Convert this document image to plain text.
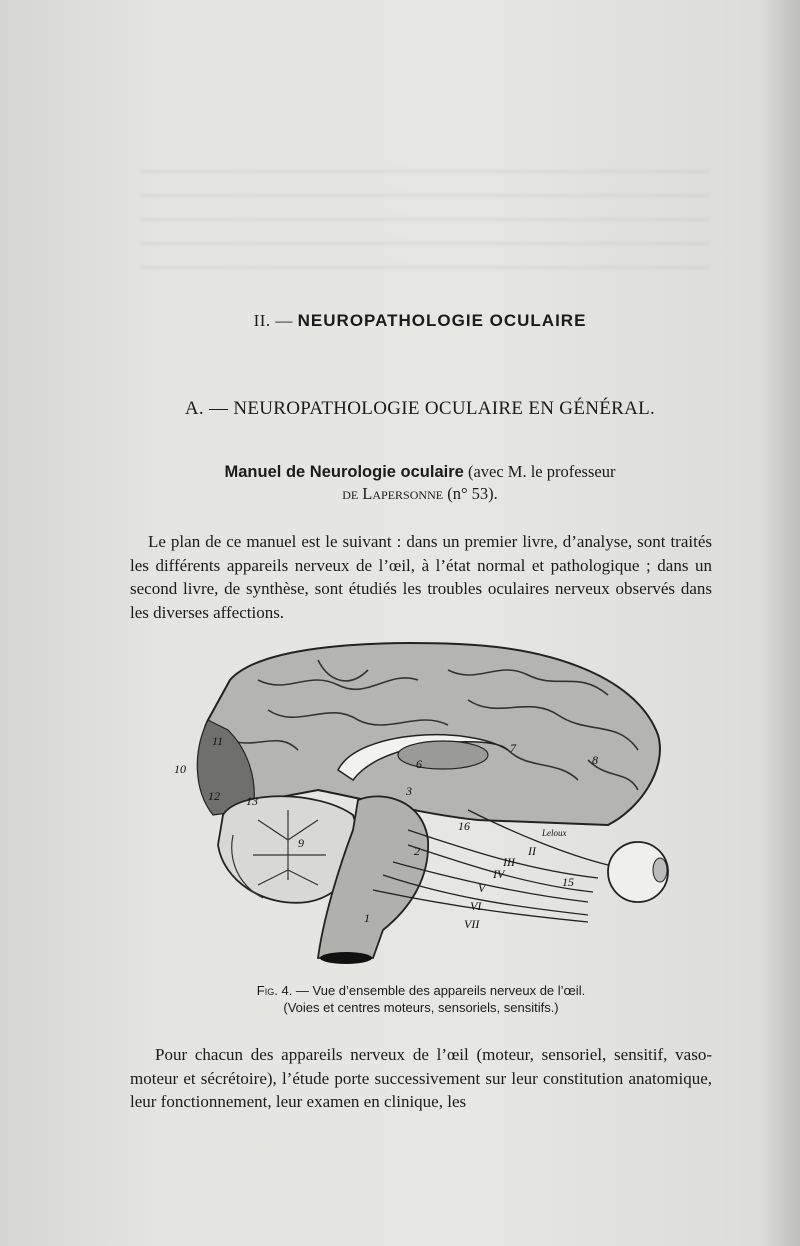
II. — NEUROPATHOLOGIE OCULAIRE
A. — NEUROPATHOLOGIE OCULAIRE EN GÉNÉRAL.
Manuel de Neurologie oculaire (avec M. le professeur
de Lapersonne (n° 53).
Le plan de ce manuel est le suivant : dans un premier livre, d’analyse, sont traités les différents appareils nerveux de l’œil, à l’état normal et pathologique ; dans un second livre, de synthèse, sont étudiés les troubles oculaires nerveux observés dans les diverses affections.
10
11
12 13
9
8
7
6
3
2
1
15
16
II
III
IV
V
VI
VII
Leloux
Fig. 4. — Vue d’ensemble des appareils nerveux de l’œil.
(Voies et centres moteurs, sensoriels, sensitifs.)
Pour chacun des appareils nerveux de l’œil (moteur, sensoriel, sensitif, vaso-moteur et sécrétoire), l’étude porte successivement sur leur constitution anatomique, leur fonctionnement, leur examen en clinique, les
